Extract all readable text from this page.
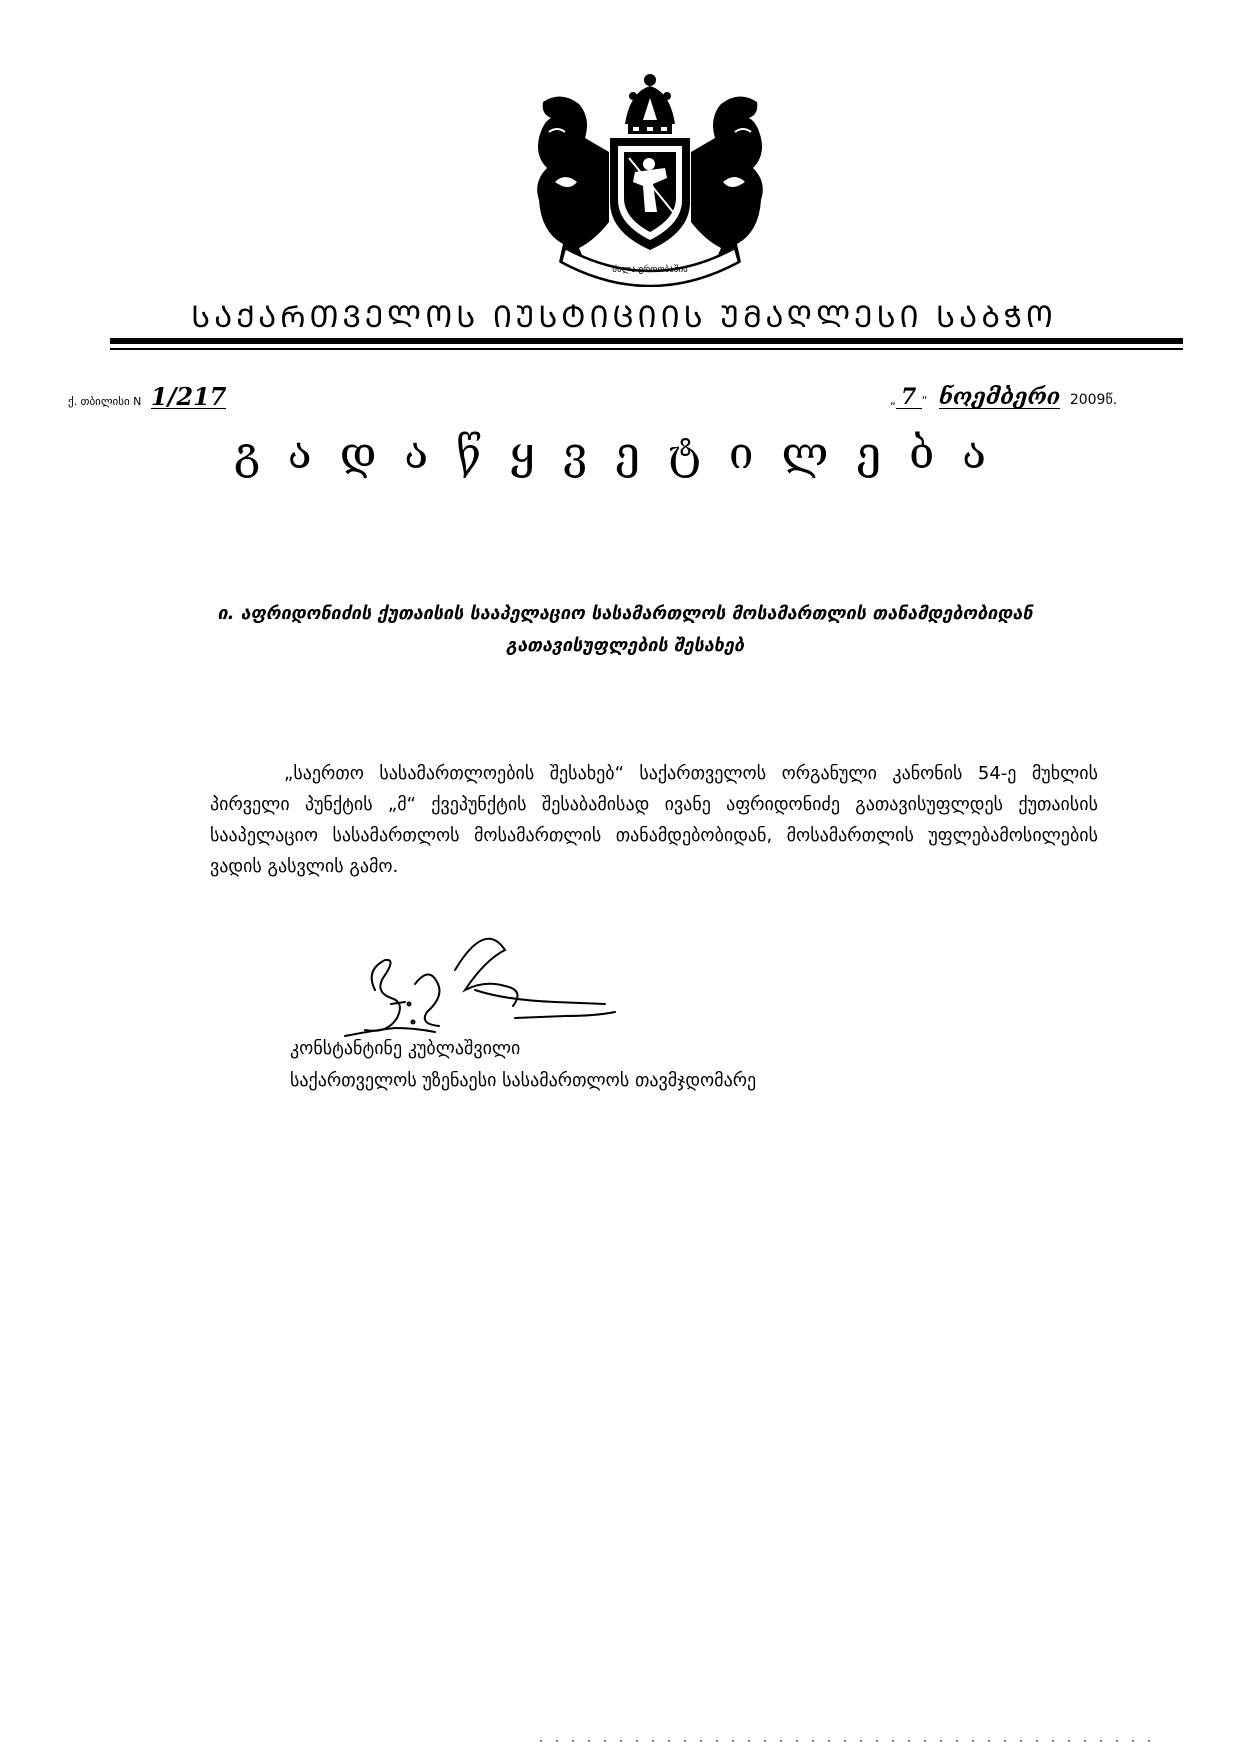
ძალა ერთობაშია
ᲡᲐᲥᲐᲠᲗᲕᲔᲚᲝᲡ ᲘᲣᲡᲢᲘᲪᲘᲘᲡ ᲣᲛᲐᲦᲚᲔᲡᲘ ᲡᲐᲑᲭᲝ
ქ. თბილისი N 1/217	„ 7 “ ნოემბერი 2009წ.
გადაწყვეტილება
ი. აფრიდონიძის ქუთაისის სააპელაციო სასამართლოს მოსამართლის თანამდებობიდან გათავისუფლების შესახებ
„საერთო სასამართლოების შესახებ“ საქართველოს ორგანული კანონის 54-ე მუხლის პირველი პუნქტის „მ“ ქვეპუნქტის შესაბამისად ივანე აფრიდონიძე გათავისუფლდეს ქუთაისის სააპელაციო სასამართლოს მოსამართლის თანამდებობიდან, მოსამართლის უფლებამოსილების ვადის გასვლის გამო.
კონსტანტინე კუბლაშვილი
საქართველოს უზენაესი სასამართლოს თავმჯდომარე
